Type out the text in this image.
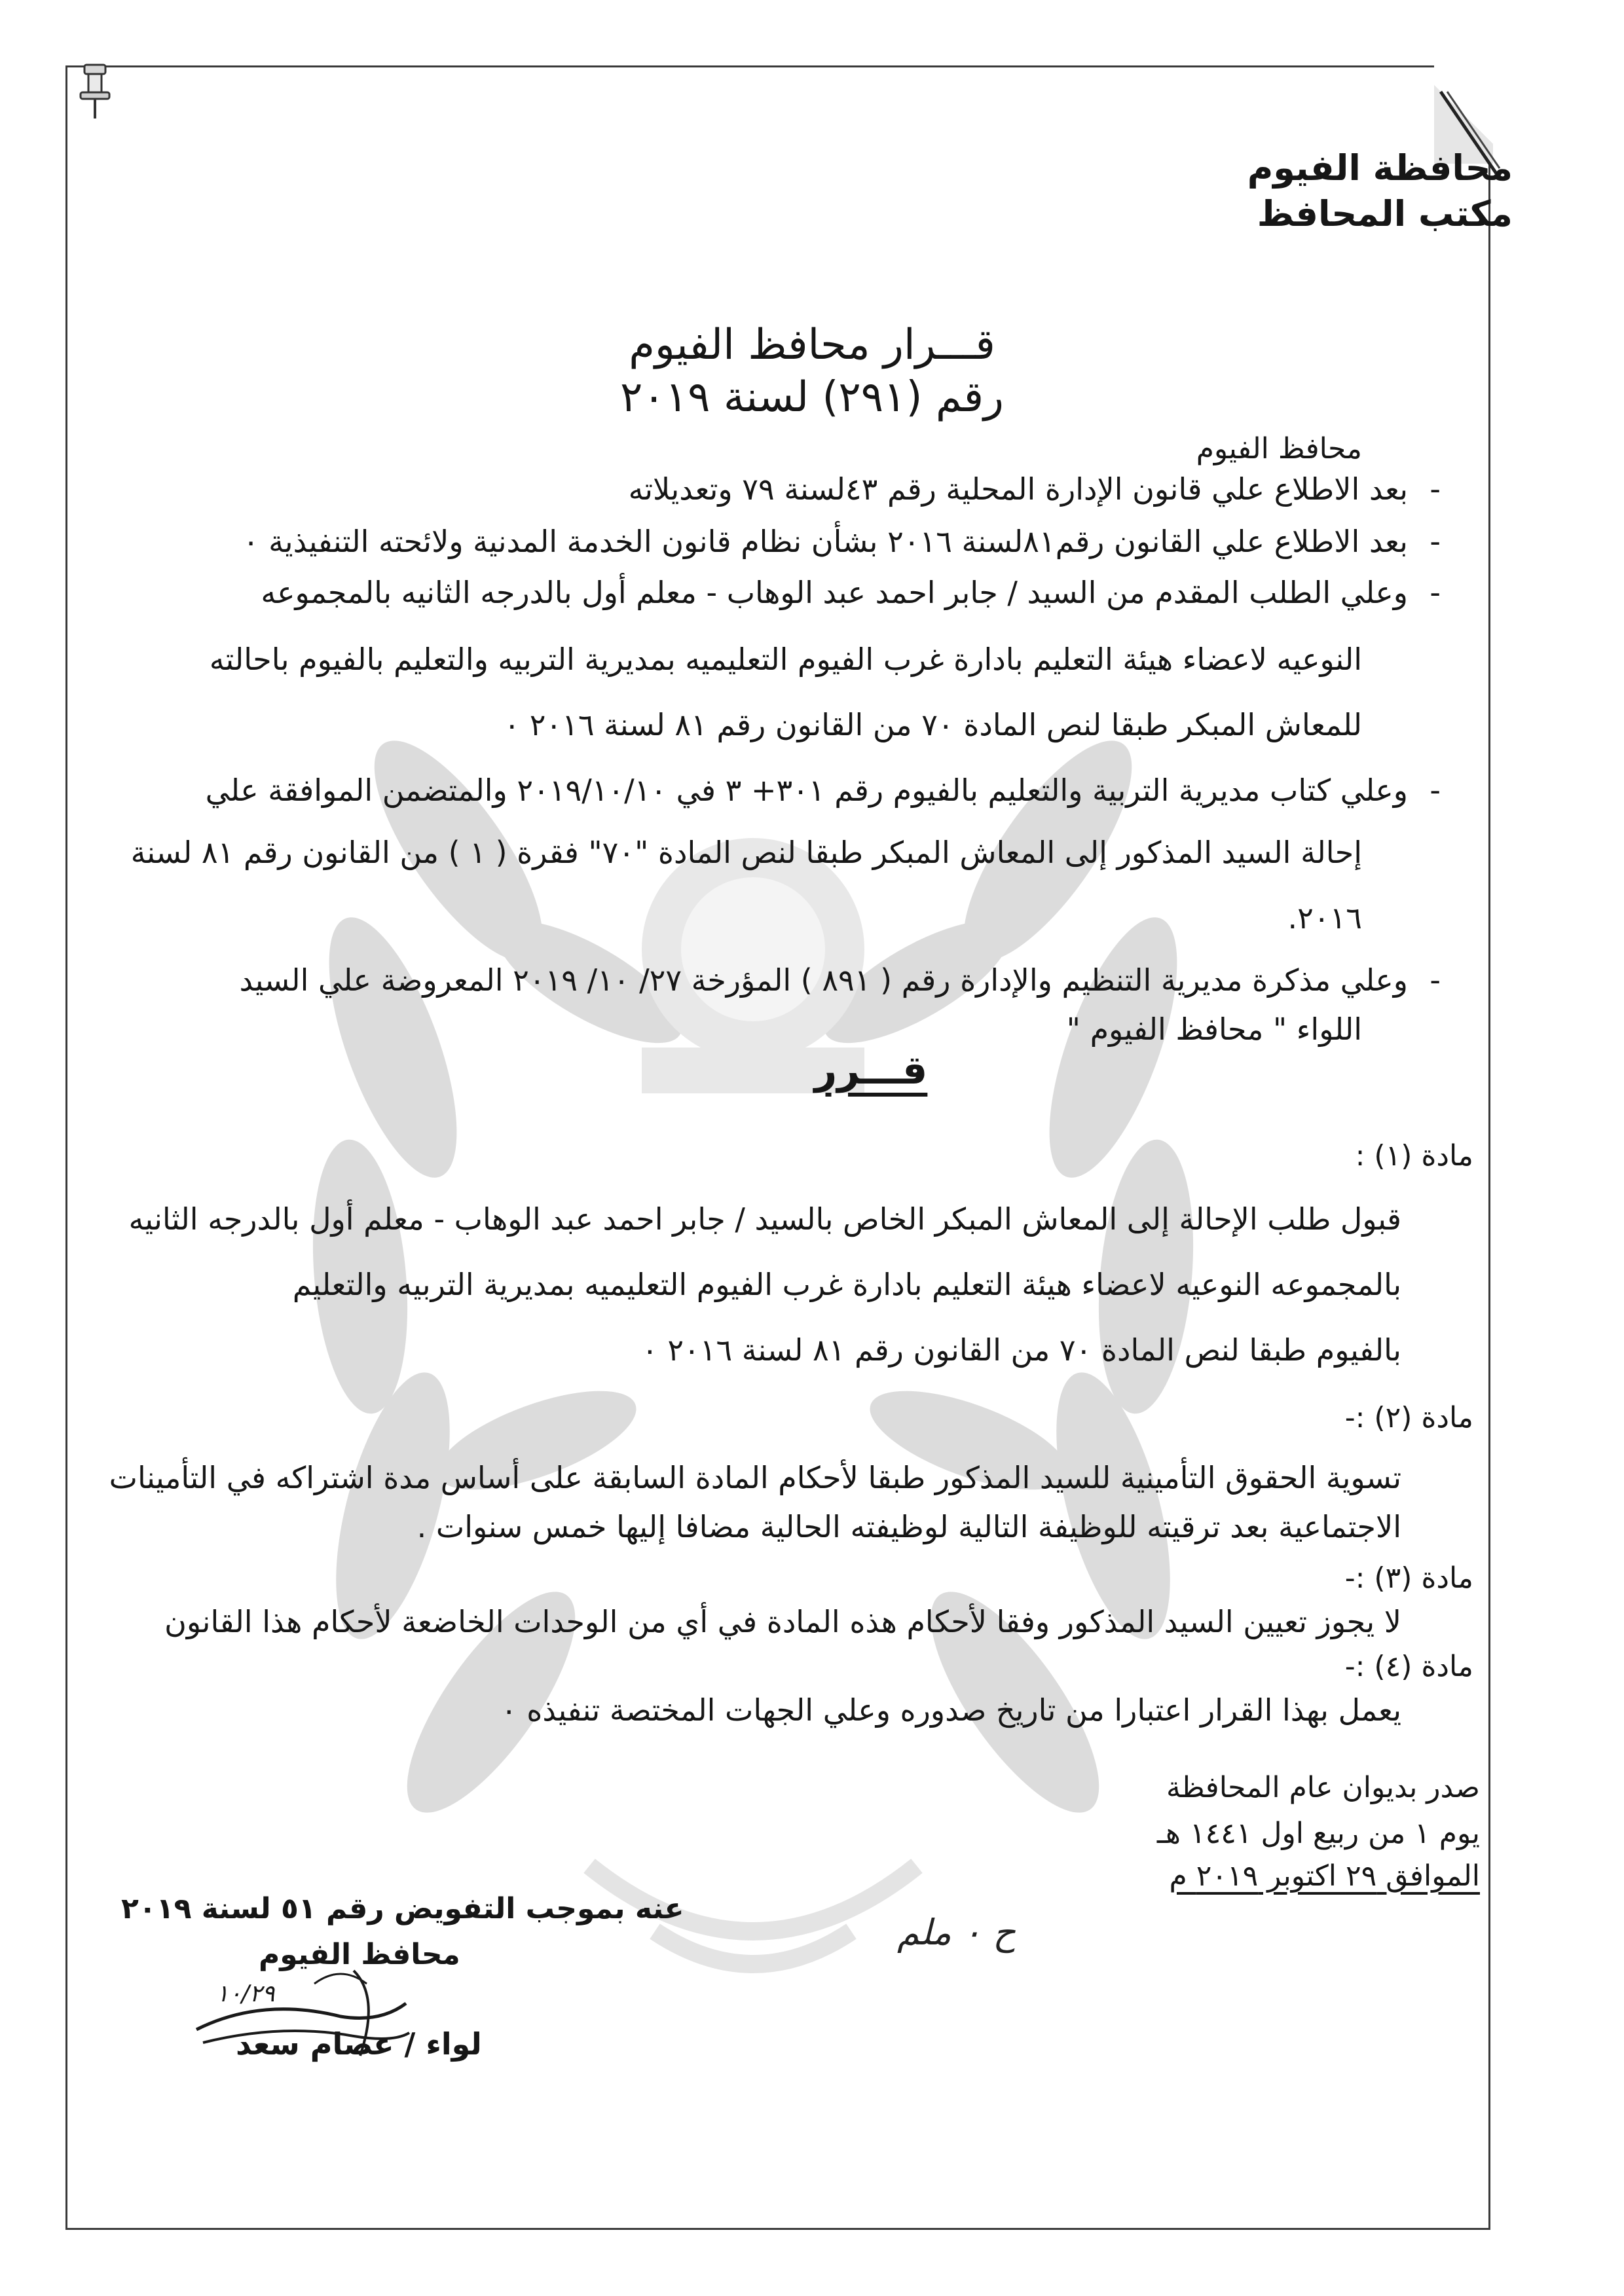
محافظة الفيوم
مكتب المحافظ
قـــرار محافظ الفيوم
رقم (٢٩١) لسنة ٢٠١٩
محافظ الفيوم
بعد الاطلاع علي قانون الإدارة المحلية رقم ٤٣لسنة ٧٩ وتعديلاته -
بعد الاطلاع علي القانون رقم٨١لسنة ٢٠١٦ بشأن نظام قانون الخدمة المدنية ولائحته التنفيذية ٠ -
وعلي الطلب المقدم من السيد / جابر احمد عبد الوهاب - معلم أول بالدرجه الثانيه بالمجموعه -
النوعيه لاعضاء هيئة التعليم بادارة غرب الفيوم التعليميه بمديرية التربيه والتعليم بالفيوم باحالته
للمعاش المبكر طبقا لنص المادة ٧٠ من القانون رقم ٨١ لسنة ٢٠١٦ ٠
وعلي كتاب مديرية التربية والتعليم بالفيوم رقم ٣٠١+ ٣ في ٢٠١٩/١٠/١٠ والمتضمن الموافقة علي -
إحالة السيد المذكور إلى المعاش المبكر طبقا لنص المادة "٧٠" فقرة ( ١ ) من القانون رقم ٨١ لسنة
٢٠١٦.
وعلي مذكرة مديرية التنظيم والإدارة رقم ( ٨٩١ ) المؤرخة ٢٧/ ١٠/ ٢٠١٩ المعروضة علي السيد -
اللواء " محافظ الفيوم "
قـــرر
مادة (١) :
قبول طلب الإحالة إلى المعاش المبكر الخاص بالسيد / جابر احمد عبد الوهاب - معلم أول بالدرجه الثانيه
بالمجموعه النوعيه لاعضاء هيئة التعليم بادارة غرب الفيوم التعليميه بمديرية التربيه والتعليم
بالفيوم طبقا لنص المادة ٧٠ من القانون رقم ٨١ لسنة ٢٠١٦ ٠
مادة (٢) :-
تسوية الحقوق التأمينية للسيد المذكور طبقا لأحكام المادة السابقة على أساس مدة اشتراكه في التأمينات
الاجتماعية بعد ترقيته للوظيفة التالية لوظيفته الحالية مضافا إليها خمس سنوات .
مادة (٣) :-
لا يجوز تعيين السيد المذكور وفقا لأحكام هذه المادة في أي من الوحدات الخاضعة لأحكام هذا القانون
مادة (٤) :-
يعمل بهذا القرار اعتبارا من تاريخ صدوره وعلي الجهات المختصة تنفيذه ٠
صدر بديوان عام المحافظة
يوم ١ من ربيع اول ١٤٤١ هـ
الموافق ٢٩ اكتوبر ٢٠١٩ م
ح ٠ ملم
عنه بموجب التفويض رقم ٥١ لسنة ٢٠١٩
محافظ الفيوم
١٠/٢٩
لواء / عصام سعد
